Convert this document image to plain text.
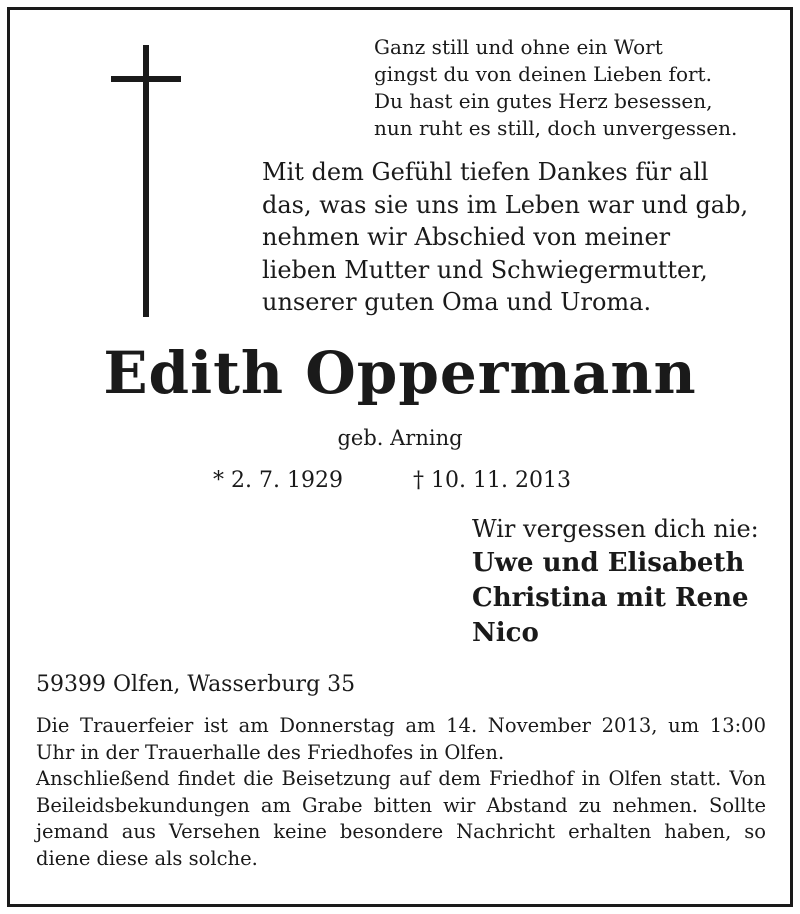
Ganz still und ohne ein Wort
gingst du von deinen Lieben fort.
Du hast ein gutes Herz besessen,
nun ruht es still, doch unvergessen.
Mit dem Gefühl tiefen Dankes für all
das, was sie uns im Leben war und gab,
nehmen wir Abschied von meiner
lieben Mutter und Schwiegermutter,
unserer guten Oma und Uroma.
Edith Oppermann
geb. Arning
* 2. 7. 1929	† 10. 11. 2013
Wir vergessen dich nie:
Uwe und Elisabeth
Christina mit Rene
Nico
59399 Olfen, Wasserburg 35

Die Trauerfeier ist am Donnerstag am 14. November 2013, um 13:00 Uhr in der Trauerhalle des Friedhofes in Olfen.

Anschließend findet die Beisetzung auf dem Friedhof in Olfen statt. Von Beileidsbekundungen am Grabe bitten wir Abstand zu nehmen. Sollte jemand aus Versehen keine besondere Nachricht erhalten haben, so diene diese als solche.
